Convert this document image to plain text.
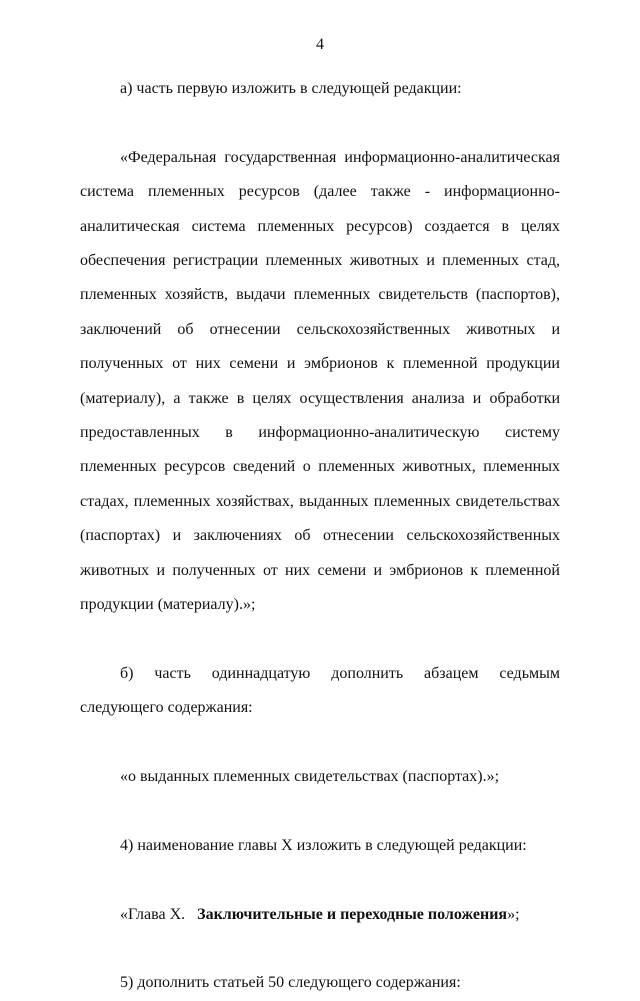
4

а) часть первую изложить в следующей редакции:

«Федеральная государственная информационно-аналитическая система племенных ресурсов (далее также - информационно-аналитическая система племенных ресурсов) создается в целях обеспечения регистрации племенных животных и племенных стад, племенных хозяйств, выдачи племенных свидетельств (паспортов), заключений об отнесении сельскохозяйственных животных и полученных от них семени и эмбрионов к племенной продукции (материалу), а также в целях осуществления анализа и обработки предоставленных в информационно-аналитическую систему племенных ресурсов сведений о племенных животных, племенных стадах, племенных хозяйствах, выданных племенных свидетельствах (паспортах) и заключениях об отнесении сельскохозяйственных животных и полученных от них семени и эмбрионов к племенной продукции (материалу).»;

б) часть одиннадцатую дополнить абзацем седьмым следующего содержания:

«о выданных племенных свидетельствах (паспортах).»;

4) наименование главы X изложить в следующей редакции:

«Глава X. Заключительные и переходные положения»;

5) дополнить статьей 50 следующего содержания:
